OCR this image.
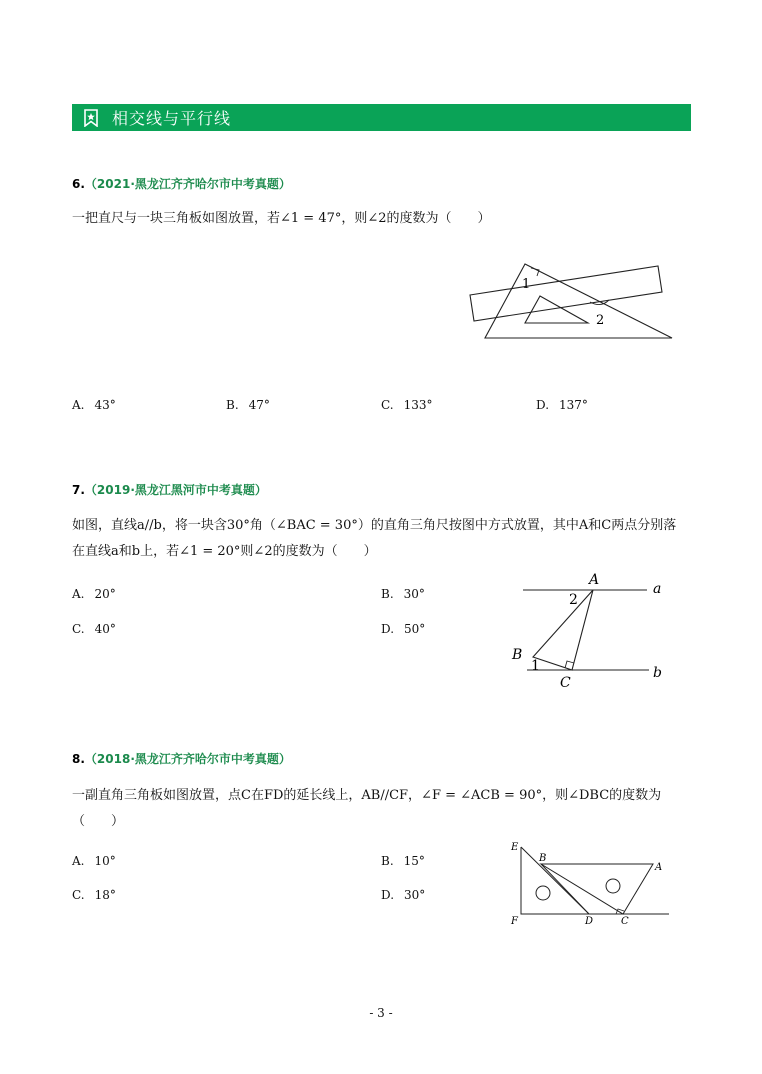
相交线与平行线
6.（2021·黑龙江齐齐哈尔市中考真题）
一把直尺与一块三角板如图放置，若∠1 = 47°，则∠2的度数为（　　）
1
2
A. 43°	B. 47°	C. 133°	D. 137°
7.（2019·黑龙江黑河市中考真题）
如图，直线a//b，将一块含30°角（∠BAC = 30°）的直角三角尺按图中方式放置，其中A和C两点分别落
在直线a和b上，若∠1 = 20°则∠2的度数为（　　）
A. 20°	B. 30°
C. 40°	D. 50°
A
a
2
B
1
C
b
8.（2018·黑龙江齐齐哈尔市中考真题）
一副直角三角板如图放置，点C在FD的延长线上，AB//CF，∠F = ∠ACB = 90°，则∠DBC的度数为
（　　）
A. 10°	B. 15°
C. 18°	D. 30°
E
B
A
F	D	C
- 3 -
